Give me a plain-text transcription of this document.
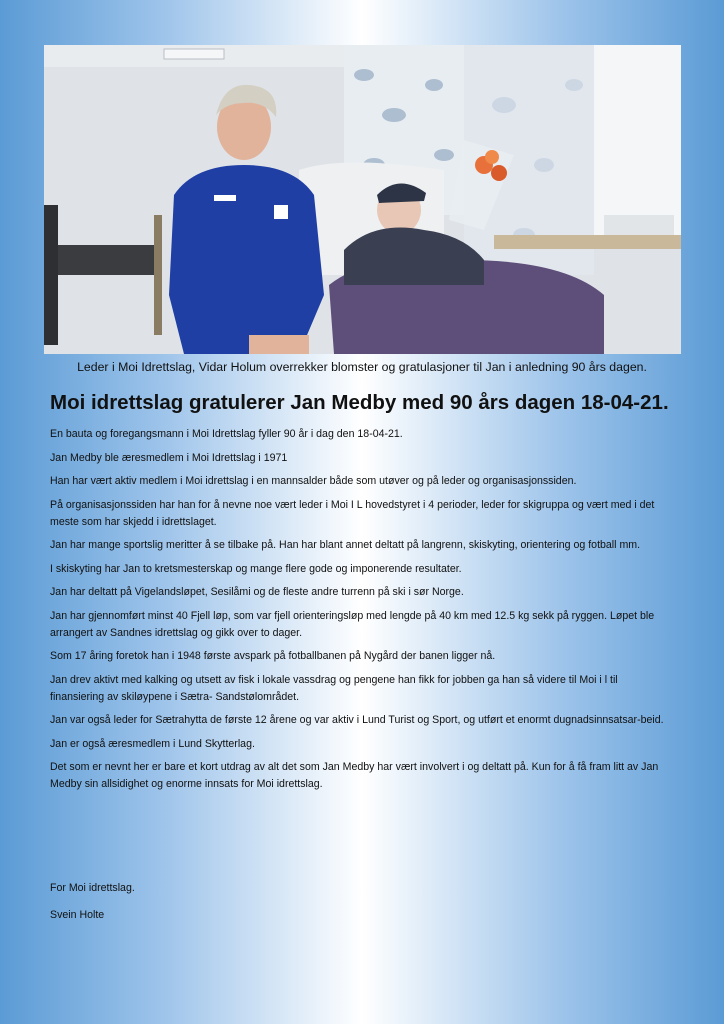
Leder i Moi Idrettslag, Vidar Holum overrekker blomster og gratulasjoner til Jan i anledning 90 års dagen.
Moi idrettslag gratulerer Jan Medby med 90 års dagen 18-04-21.

En bauta og foregangsmann i Moi Idrettslag fyller 90 år i dag den 18-04-21.

Jan Medby ble æresmedlem i Moi Idrettslag i 1971

Han har vært aktiv medlem i Moi idrettslag i en mannsalder både som utøver og på leder og organisasjonssiden.

På organisasjonssiden har han for å nevne noe vært leder i Moi I L hovedstyret i 4 perioder, leder for skigruppa og vært med i det meste som har skjedd i idrettslaget.

Jan har mange sportslig meritter å se tilbake på. Han har blant annet deltatt på langrenn, skiskyting, orientering og fotball mm.

I skiskyting har Jan to kretsmesterskap og mange flere gode og imponerende resultater.

Jan har deltatt på Vigelandsløpet, Sesilåmi og de fleste andre turrenn på ski i sør Norge.

Jan har gjennomført minst 40 Fjell løp, som var fjell orienteringsløp med lengde på 40 km med 12.5 kg sekk på ryggen. Løpet ble arrangert av Sandnes idrettslag og gikk over to dager.

Som 17 åring foretok han i 1948 første avspark på fotballbanen på Nygård der banen ligger nå.

Jan drev aktivt med kalking og utsett av fisk i lokale vassdrag og pengene han fikk for jobben ga han så videre til Moi i l til finansiering av skiløypene i Sætra- Sandstølområdet.

Jan var også leder for Sætrahytta de første 12 årene og var aktiv i Lund Turist og Sport, og utført et enormt dugnadsinnsatsar-beid.

Jan er også æresmedlem i Lund Skytterlag.

Det som er nevnt her er bare et kort utdrag av alt det som Jan Medby har vært involvert i og deltatt på. Kun for å få fram litt av Jan Medby sin allsidighet og enorme innsats for Moi idrettslag.

For Moi idrettslag.

Svein Holte
